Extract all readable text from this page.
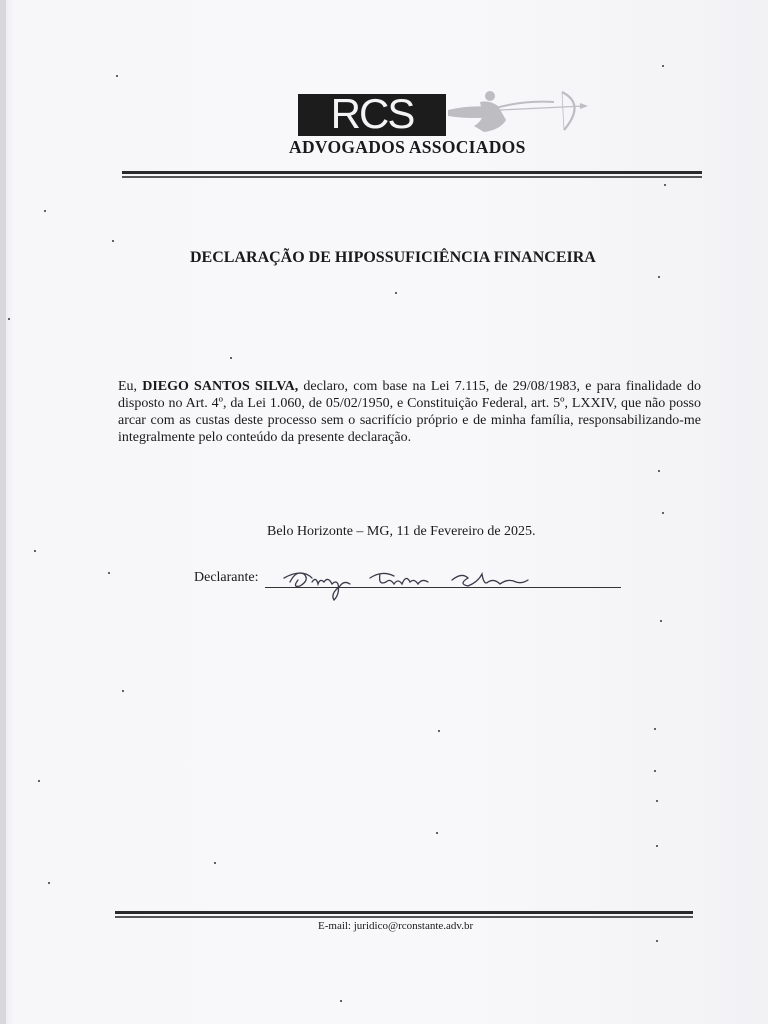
RCS
ADVOGADOS ASSOCIADOS
DECLARAÇÃO DE HIPOSSUFICIÊNCIA FINANCEIRA
Eu, DIEGO SANTOS SILVA, declaro, com base na Lei 7.115, de 29/08/1983, e para finalidade do disposto no Art. 4º, da Lei 1.060, de 05/02/1950, e Constituição Federal, art. 5º, LXXIV, que não posso arcar com as custas deste processo sem o sacrifício próprio e de minha família, responsabilizando-me integralmente pelo conteúdo da presente declaração.
Belo Horizonte – MG, 11 de Fevereiro de 2025.
Declarante:
E-mail: juridico@rconstante.adv.br
